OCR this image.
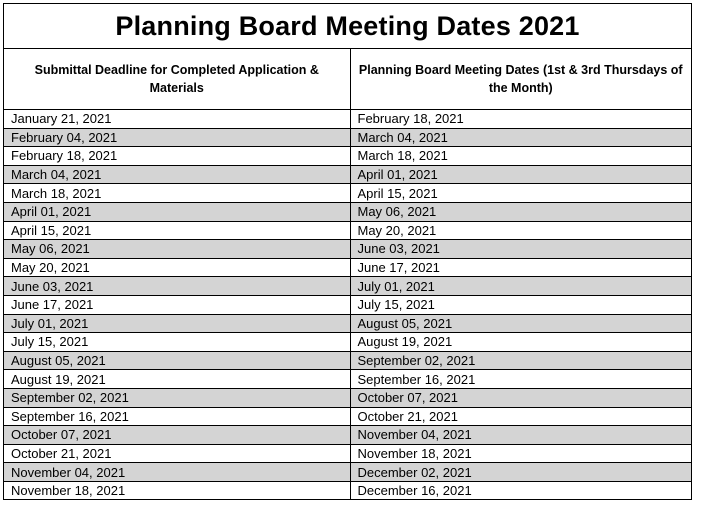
Planning Board Meeting Dates 2021	
Submittal Deadline for Completed Application & Materials	Planning Board Meeting Dates (1st & 3rd Thursdays of the Month)
January 21, 2021	February 18, 2021
February 04, 2021	March 04, 2021
February 18, 2021	March 18, 2021
March 04, 2021	April 01, 2021
March 18, 2021	April 15, 2021
April 01, 2021	May 06, 2021
April 15, 2021	May 20, 2021
May 06, 2021	June 03, 2021
May 20, 2021	June 17, 2021
June 03, 2021	July 01, 2021
June 17, 2021	July 15, 2021
July 01, 2021	August 05, 2021
July 15, 2021	August 19, 2021
August 05, 2021	September 02, 2021
August 19, 2021	September 16, 2021
September 02, 2021	October 07, 2021
September 16, 2021	October 21, 2021
October 07, 2021	November 04, 2021
October 21, 2021	November 18, 2021
November 04, 2021	December 02, 2021
November 18, 2021	December 16, 2021
